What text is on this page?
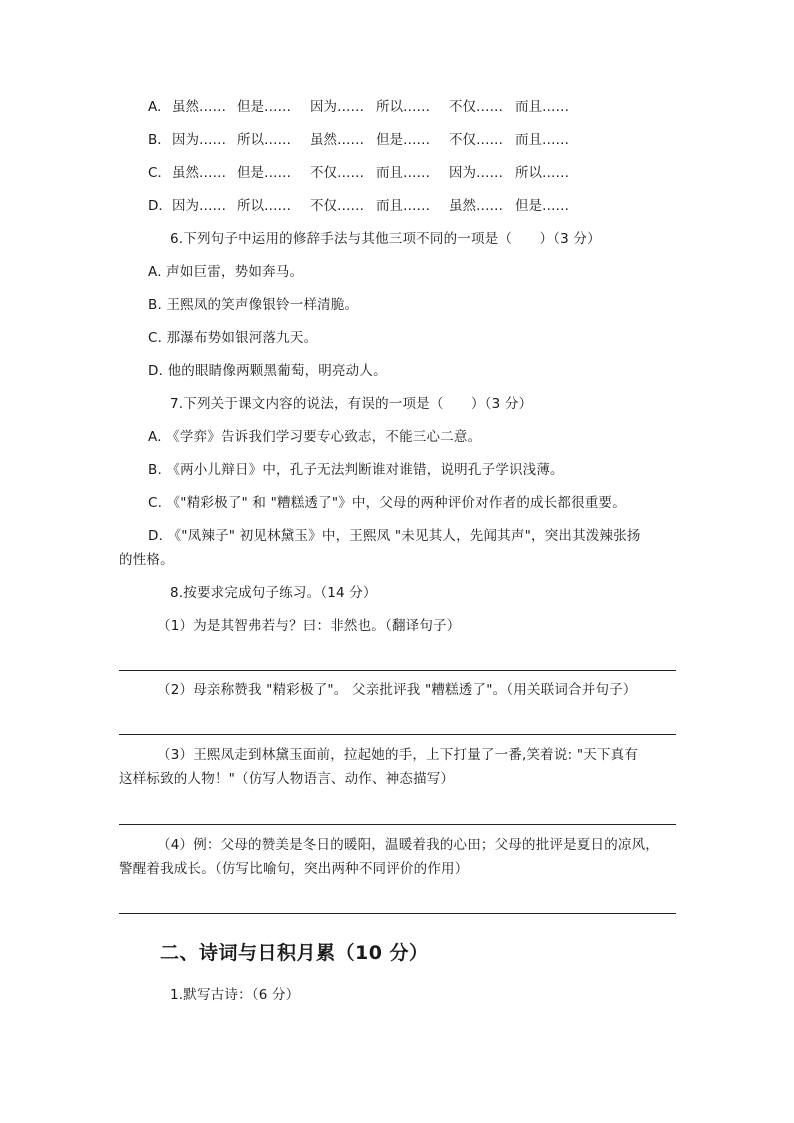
A. 虽然…… 但是…… 因为…… 所以…… 不仅…… 而且……
B. 因为…… 所以…… 虽然…… 但是…… 不仅…… 而且……
C. 虽然…… 但是…… 不仅…… 而且…… 因为…… 所以……
D. 因为…… 所以…… 不仅…… 而且…… 虽然…… 但是……
6.下列句子中运用的修辞手法与其他三项不同的一项是（　　）（3 分）
A. 声如巨雷，势如奔马。
B. 王熙凤的笑声像银铃一样清脆。
C. 那瀑布势如银河落九天。
D. 他的眼睛像两颗黑葡萄，明亮动人。
7.下列关于课文内容的说法，有误的一项是（　　）（3 分）
A. 《学弈》告诉我们学习要专心致志，不能三心二意。
B. 《两小儿辩日》中，孔子无法判断谁对谁错，说明孔子学识浅薄。
C. 《"精彩极了" 和 "糟糕透了"》中，父母的两种评价对作者的成长都很重要。
D. 《"凤辣子" 初见林黛玉》中，王熙凤 "未见其人，先闻其声"，突出其泼辣张扬
的性格。
8.按要求完成句子练习。（14 分）
（1）为是其智弗若与？曰：非然也。（翻译句子）
（2）母亲称赞我 "精彩极了"。 父亲批评我 "糟糕透了"。（用关联词合并句子）
（3）王熙凤走到林黛玉面前，拉起她的手，上下打量了一番,笑着说: "天下真有
这样标致的人物！"（仿写人物语言、动作、神态描写）
（4）例：父母的赞美是冬日的暖阳，温暖着我的心田；父母的批评是夏日的凉风，
警醒着我成长。（仿写比喻句，突出两种不同评价的作用）
二、诗词与日积月累（10 分）
1.默写古诗：（6 分）
